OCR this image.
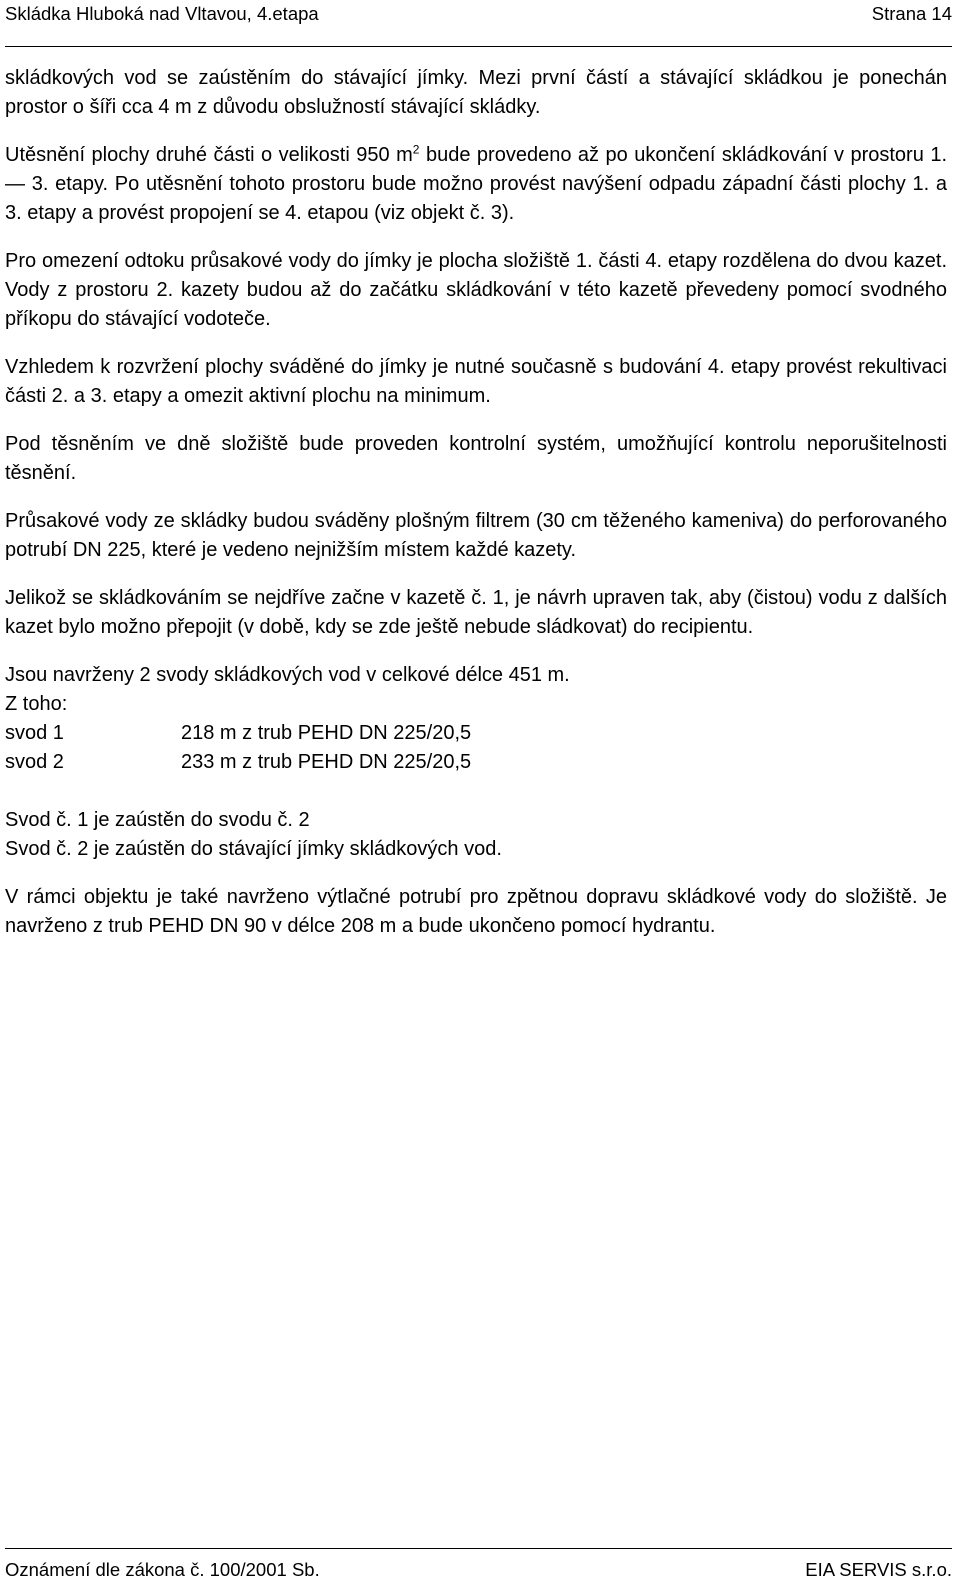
Skládka Hluboká nad Vltavou, 4.etapa	Strana 14

skládkových vod se zaústěním do stávající jímky. Mezi první částí a stávající skládkou je ponechán prostor o šíři cca 4 m z důvodu obslužností stávající skládky.

Utěsnění plochy druhé části o velikosti 950 $m^2$ bude provedeno až po ukončení skládkování v prostoru 1. — 3. etapy. Po utěsnění tohoto prostoru bude možno provést navýšení odpadu západní části plochy 1. a 3. etapy a provést propojení se 4. etapou (viz objekt č. 3).

Pro omezení odtoku průsakové vody do jímky je plocha složiště 1. části 4. etapy rozdělena do dvou kazet. Vody z prostoru 2. kazety budou až do začátku skládkování v této kazetě převedeny pomocí svodného příkopu do stávající vodoteče.

Vzhledem k rozvržení plochy sváděné do jímky je nutné současně s budování 4. etapy provést rekultivaci části 2. a 3. etapy a omezit aktivní plochu na minimum.

Pod těsněním ve dně složiště bude proveden kontrolní systém, umožňující kontrolu neporušitelnosti těsnění.

Průsakové vody ze skládky budou sváděny plošným filtrem (30 cm těženého kameniva) do perforovaného potrubí DN 225, které je vedeno nejnižším místem každé kazety.

Jelikož se skládkováním se nejdříve začne v kazetě č. 1, je návrh upraven tak, aby (čistou) vodu z dalších kazet bylo možno přepojit (v době, kdy se zde ještě nebude sládkovat) do recipientu.

Jsou navrženy 2 svody skládkových vod v celkové délce 451 m.
Z toho:
svod 1	218 m z trub PEHD DN 225/20,5
svod 2	233 m z trub PEHD DN 225/20,5
Svod č. 1 je zaústěn do svodu č. 2
Svod č. 2 je zaústěn do stávající jímky skládkových vod.

V rámci objektu je také navrženo výtlačné potrubí pro zpětnou dopravu skládkové vody do složiště. Je navrženo z trub PEHD DN 90 v délce 208 m a bude ukončeno pomocí hydrantu.

Oznámení dle zákona č. 100/2001 Sb.	EIA SERVIS s.r.o.
